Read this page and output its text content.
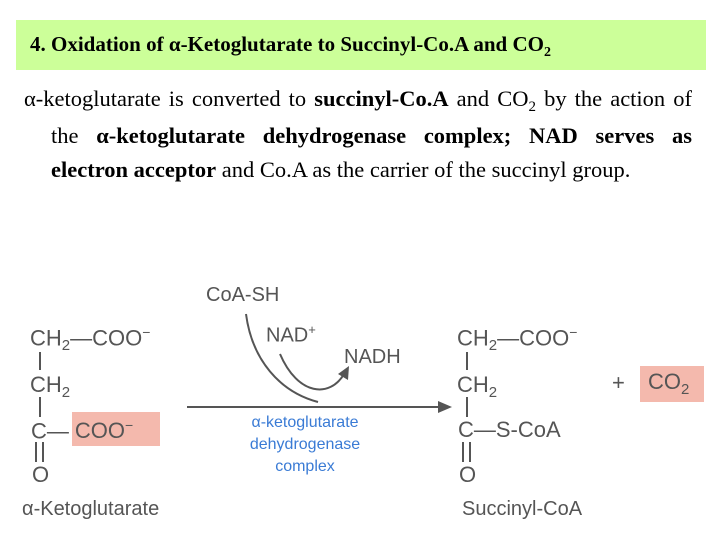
4. Oxidation of α-Ketoglutarate to Succinyl-Co.A and $CO_2$
α-ketoglutarate is converted to succinyl-Co.A and $CO_2$ by the action of the α-ketoglutarate dehydrogenase complex; NAD serves as electron acceptor and Co.A as the carrier of the succinyl group.
$CH_2—COO^-$
$CH_2$
C— COO−
O
α-Ketoglutarate
CoA-SH
NAD+
NADH
α-ketoglutarate
dehydrogenase
complex
$CH_2—COO^-$
$CH_2$
C—S-CoA
O
Succinyl-CoA
+ $CO_2$
